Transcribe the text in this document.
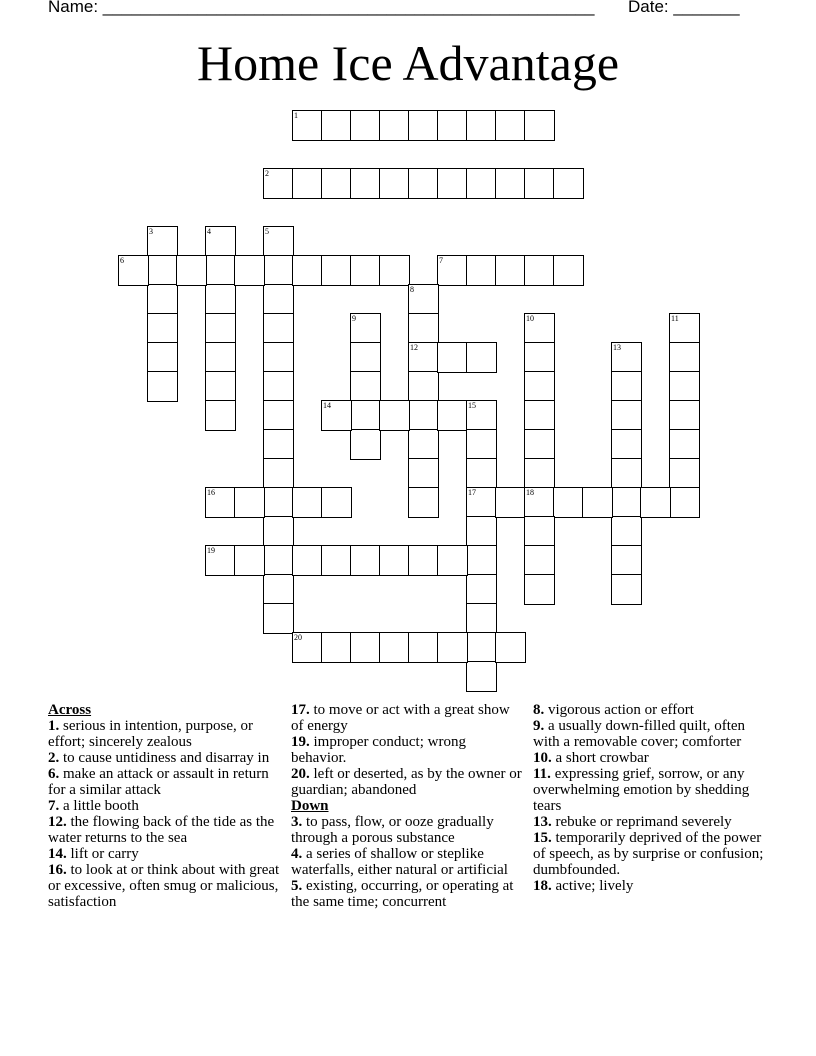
Name: ____________________________________________________ Date: _______
Home Ice Advantage
1
2
3	4	5
6	7
8
12
9	10	11
13
14	15
17
16	18
19
20
Across
1. serious in intention, purpose, or effort; sincerely zealous
2. to cause untidiness and disarray in
6. make an attack or assault in return for a similar attack
7. a little booth
12. the flowing back of the tide as the water returns to the sea
14. lift or carry
16. to look at or think about with great or excessive, often smug or malicious, satisfaction
17. to move or act with a great show of energy
19. improper conduct; wrong behavior.
20. left or deserted, as by the owner or guardian; abandoned
Down
3. to pass, flow, or ooze gradually through a porous substance
4. a series of shallow or steplike waterfalls, either natural or artificial
5. existing, occurring, or operating at the same time; concurrent
8. vigorous action or effort
9. a usually down-filled quilt, often with a removable cover; comforter
10. a short crowbar
11. expressing grief, sorrow, or any overwhelming emotion by shedding tears
13. rebuke or reprimand severely
15. temporarily deprived of the power of speech, as by surprise or confusion; dumbfounded.
18. active; lively
